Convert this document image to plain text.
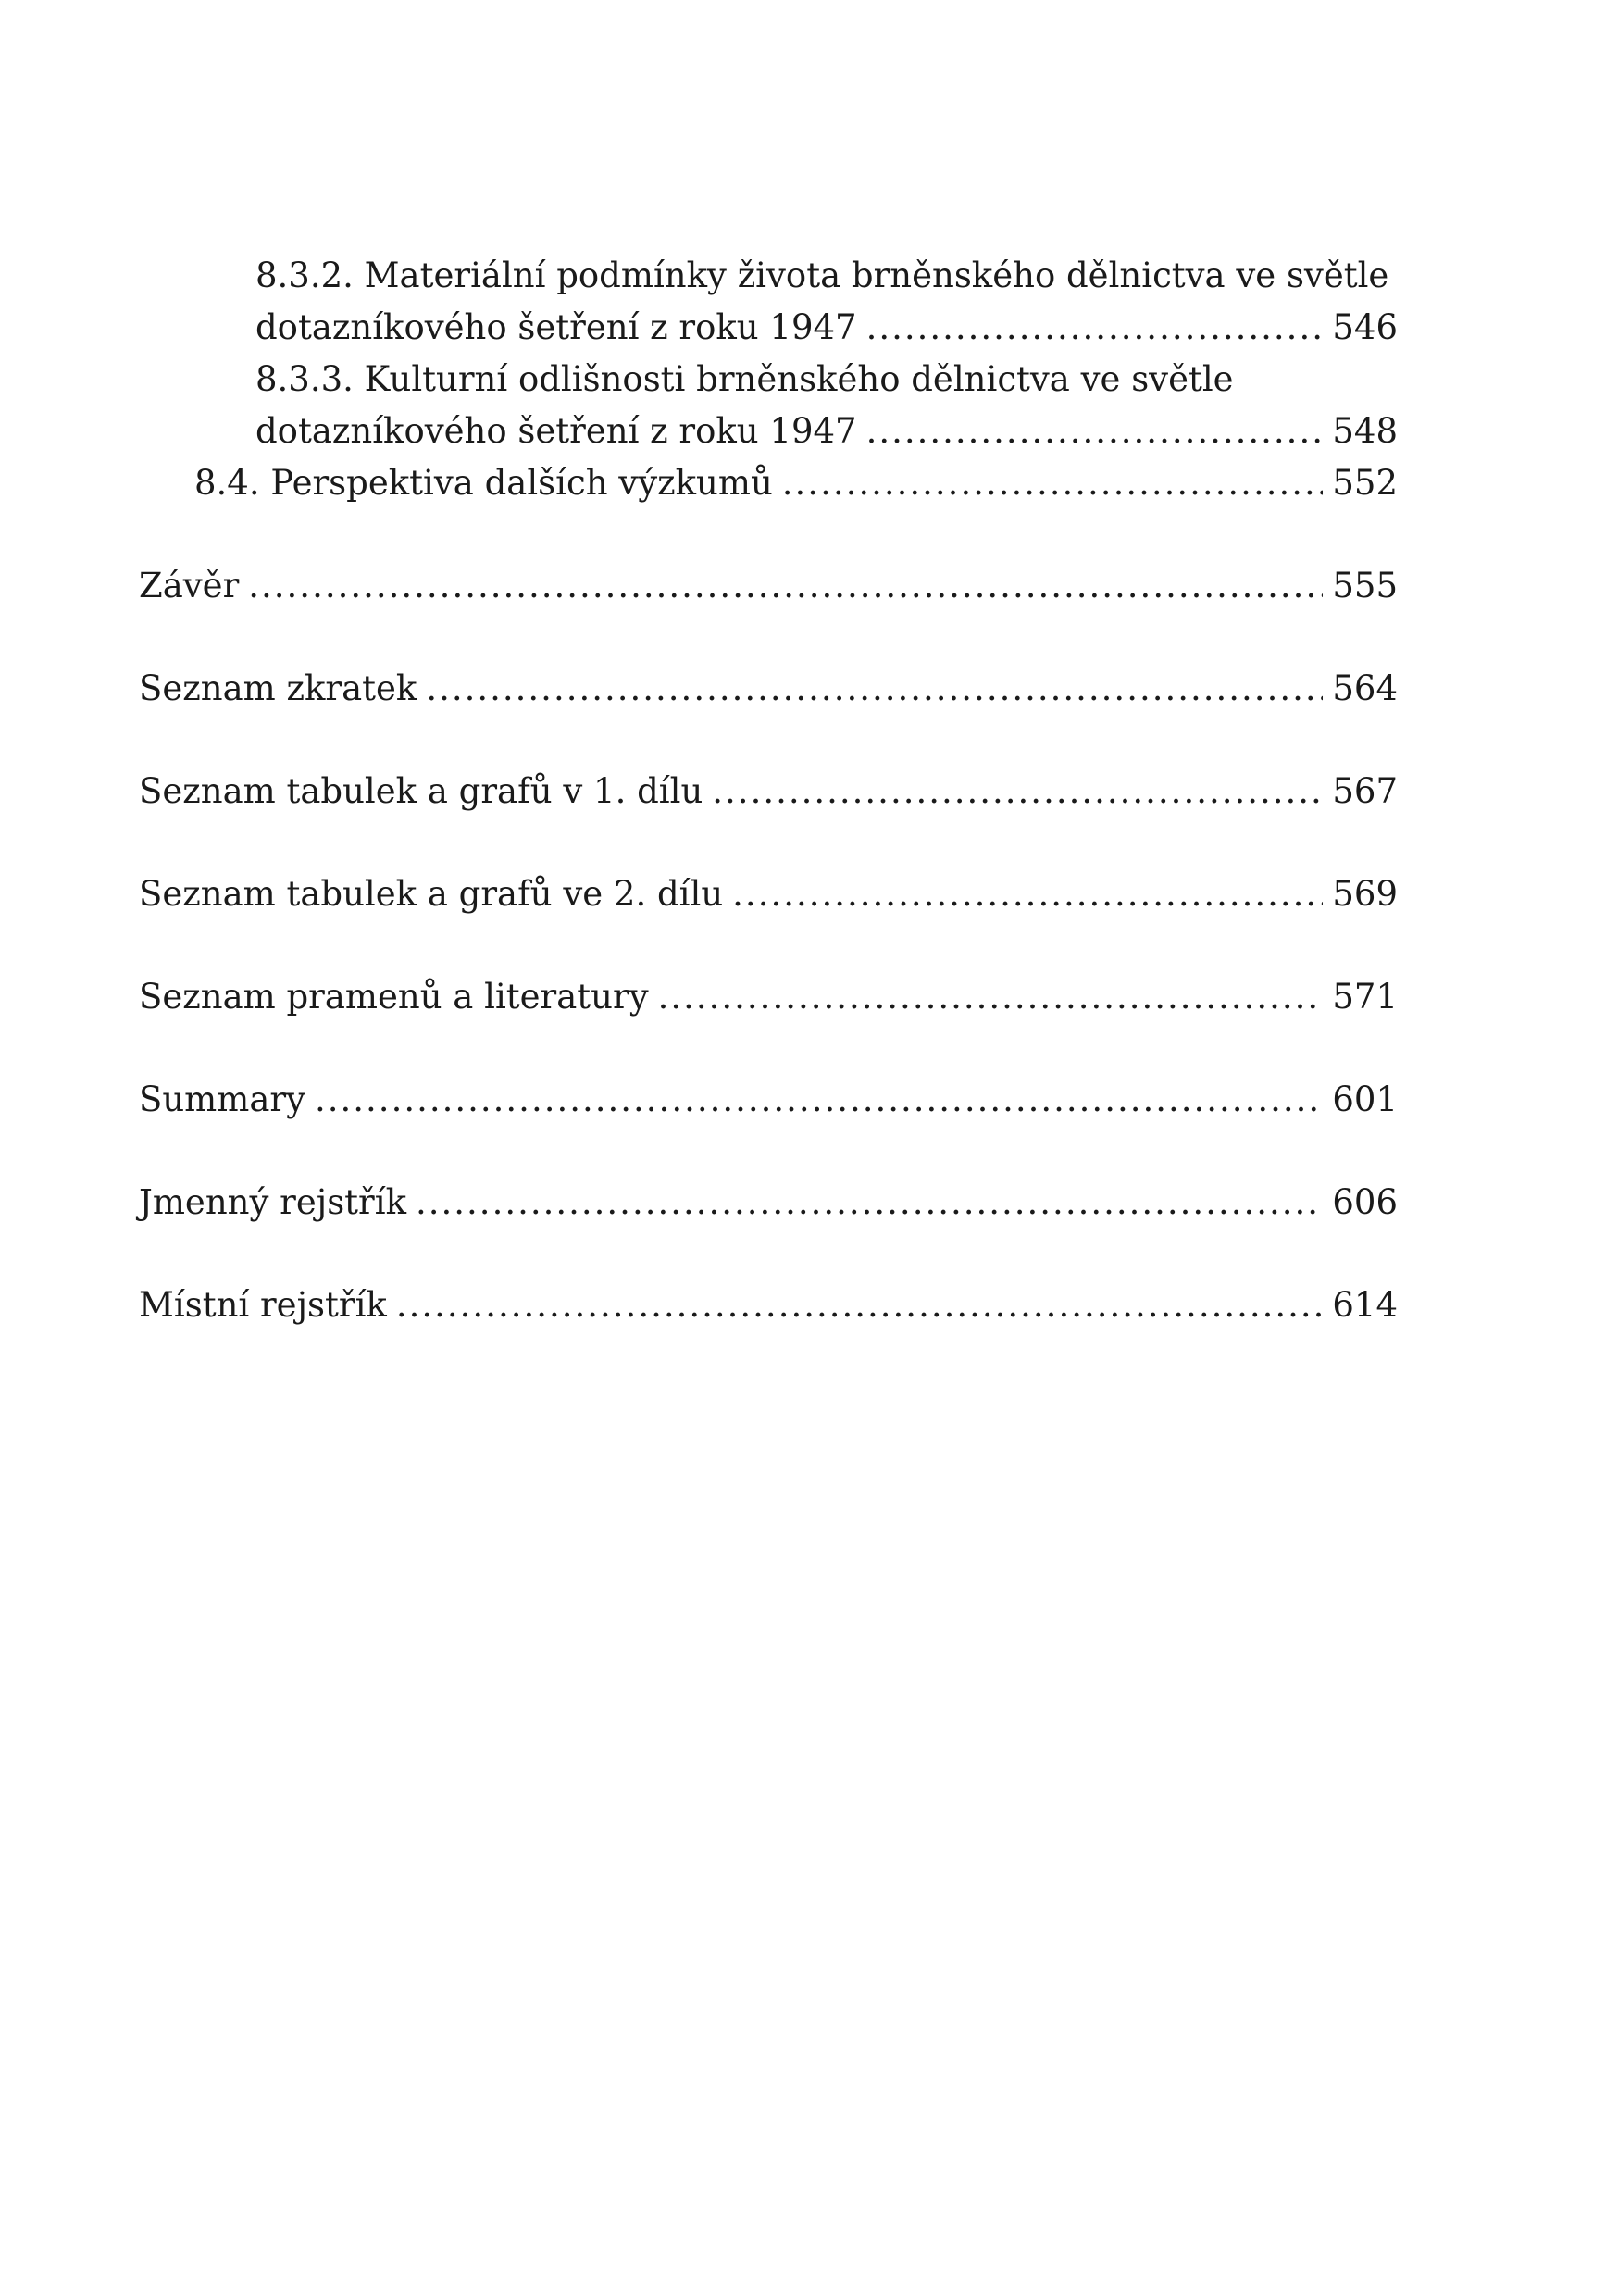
8.3.2. Materiální podmínky života brněnského dělnictva ve světle
dotazníkového šetření z roku 1947 .....	546
8.3.3. Kulturní odlišnosti brněnského dělnictva ve světle
dotazníkového šetření z roku 1947 .....	548
8.4. Perspektiva dalších výzkumů .....	552
Závěr .....	555
Seznam zkratek .....	564
Seznam tabulek a grafů v 1. dílu .....	567
Seznam tabulek a grafů ve 2. dílu .....	569
Seznam pramenů a literatury .....	571
Summary .....	601
Jmenný rejstřík .....	606
Místní rejstřík .....	614
